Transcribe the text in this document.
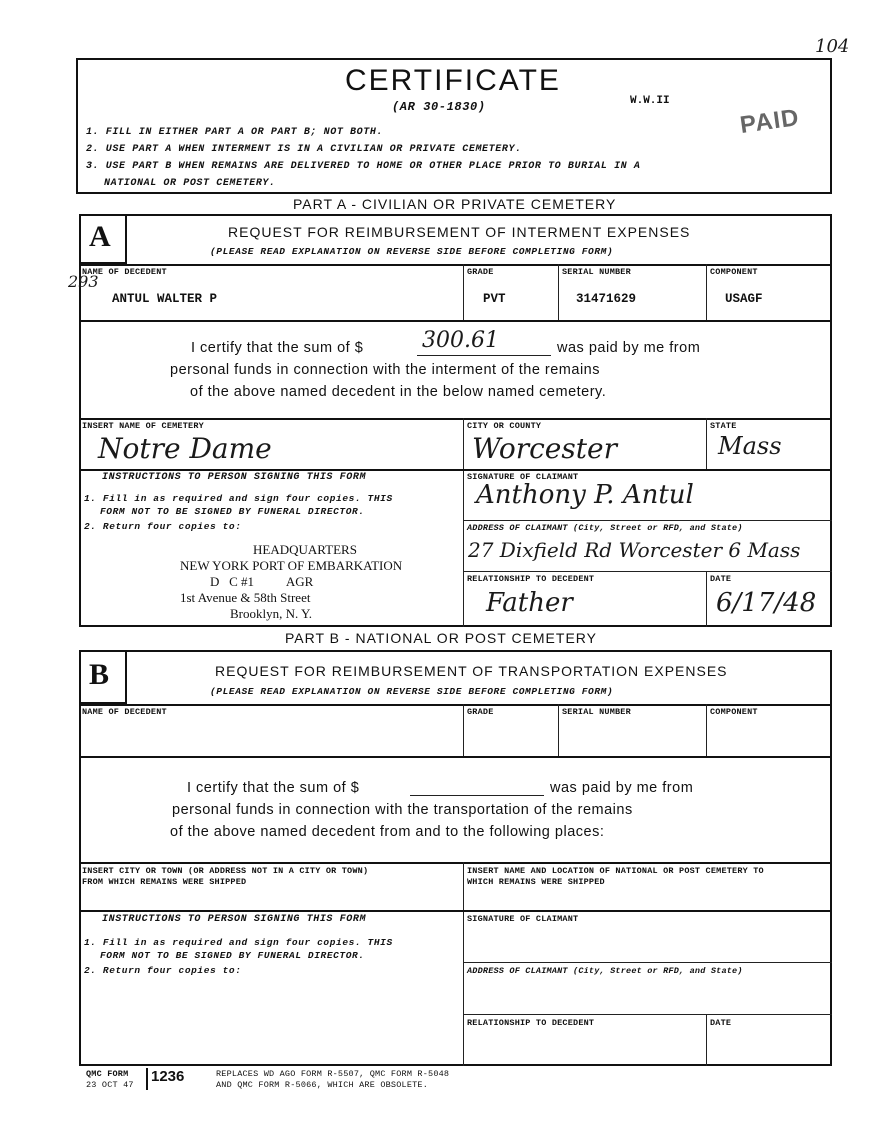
CERTIFICATE
(AR 30-1830)	W.W.II
PAID
104
1. FILL IN EITHER PART A OR PART B; NOT BOTH.
2. USE PART A WHEN INTERMENT IS IN A CIVILIAN OR PRIVATE CEMETERY.
3. USE PART B WHEN REMAINS ARE DELIVERED TO HOME OR OTHER PLACE PRIOR TO BURIAL IN A
NATIONAL OR POST CEMETERY.
PART A - CIVILIAN OR PRIVATE CEMETERY
A	REQUEST FOR REIMBURSEMENT OF INTERMENT EXPENSES
(PLEASE READ EXPLANATION ON REVERSE SIDE BEFORE COMPLETING FORM)
NAME OF DECEDENT	GRADE	SERIAL NUMBER	COMPONENT
293
ANTUL WALTER P	PVT	31471629	USAGF
I certify that the sum of $	300.61	was paid by me from
personal funds in connection with the interment of the remains
of the above named decedent in the below named cemetery.
INSERT NAME OF CEMETERY	CITY OR COUNTY	STATE
Notre Dame	Worcester	Mass
INSTRUCTIONS TO PERSON SIGNING THIS FORM
1. Fill in as required and sign four copies. THIS
FORM NOT TO BE SIGNED BY FUNERAL DIRECTOR.
2. Return four copies to:
HEADQUARTERS
NEW YORK PORT OF EMBARKATION
D   C #1          AGR
1st Avenue & 58th Street
Brooklyn, N. Y.
SIGNATURE OF CLAIMANT
Anthony P. Antul
ADDRESS OF CLAIMANT (City, Street or RFD, and State)
27 Dixfield Rd Worcester 6 Mass
RELATIONSHIP TO DECEDENT	DATE
Father	6/17/48
PART B - NATIONAL OR POST CEMETERY
B	REQUEST FOR REIMBURSEMENT OF TRANSPORTATION EXPENSES
(PLEASE READ EXPLANATION ON REVERSE SIDE BEFORE COMPLETING FORM)
NAME OF DECEDENT	GRADE	SERIAL NUMBER	COMPONENT
I certify that the sum of $	was paid by me from
personal funds in connection with the transportation of the remains
of the above named decedent from and to the following places:
INSERT CITY OR TOWN (OR ADDRESS NOT IN A CITY OR TOWN)
FROM WHICH REMAINS WERE SHIPPED
INSERT NAME AND LOCATION OF NATIONAL OR POST CEMETERY TO
WHICH REMAINS WERE SHIPPED
INSTRUCTIONS TO PERSON SIGNING THIS FORM
1. Fill in as required and sign four copies. THIS
FORM NOT TO BE SIGNED BY FUNERAL DIRECTOR.
2. Return four copies to:
SIGNATURE OF CLAIMANT
ADDRESS OF CLAIMANT (City, Street or RFD, and State)
RELATIONSHIP TO DECEDENT	DATE
QMC FORM
23 OCT 47 1236	REPLACES WD AGO FORM R-5507, QMC FORM R-5048
AND QMC FORM R-5066, WHICH ARE OBSOLETE.
